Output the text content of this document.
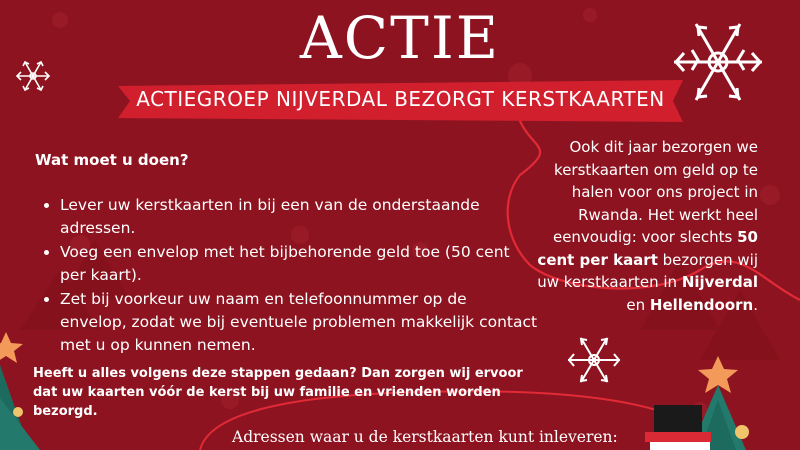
ACTIE
ACTIEGROEP NIJVERDAL BEZORGT KERSTKAARTEN
Wat moet u doen?
• Lever uw kerstkaarten in bij een van de onderstaande adressen.
• Voeg een envelop met het bijbehorende geld toe (50 cent per kaart).
• Zet bij voorkeur uw naam en telefoonnummer op de envelop, zodat we bij eventuele problemen makkelijk contact met u op kunnen nemen.
Heeft u alles volgens deze stappen gedaan? Dan zorgen wij ervoor dat uw kaarten vóór de kerst bij uw familie en vrienden worden bezorgd.
Ook dit jaar bezorgen we kerstkaarten om geld op te halen voor ons project in Rwanda. Het werkt heel eenvoudig: voor slechts 50 cent per kaart bezorgen wij uw kerstkaarten in Nijverdal en Hellendoorn.
Adressen waar u de kerstkaarten kunt inleveren:
